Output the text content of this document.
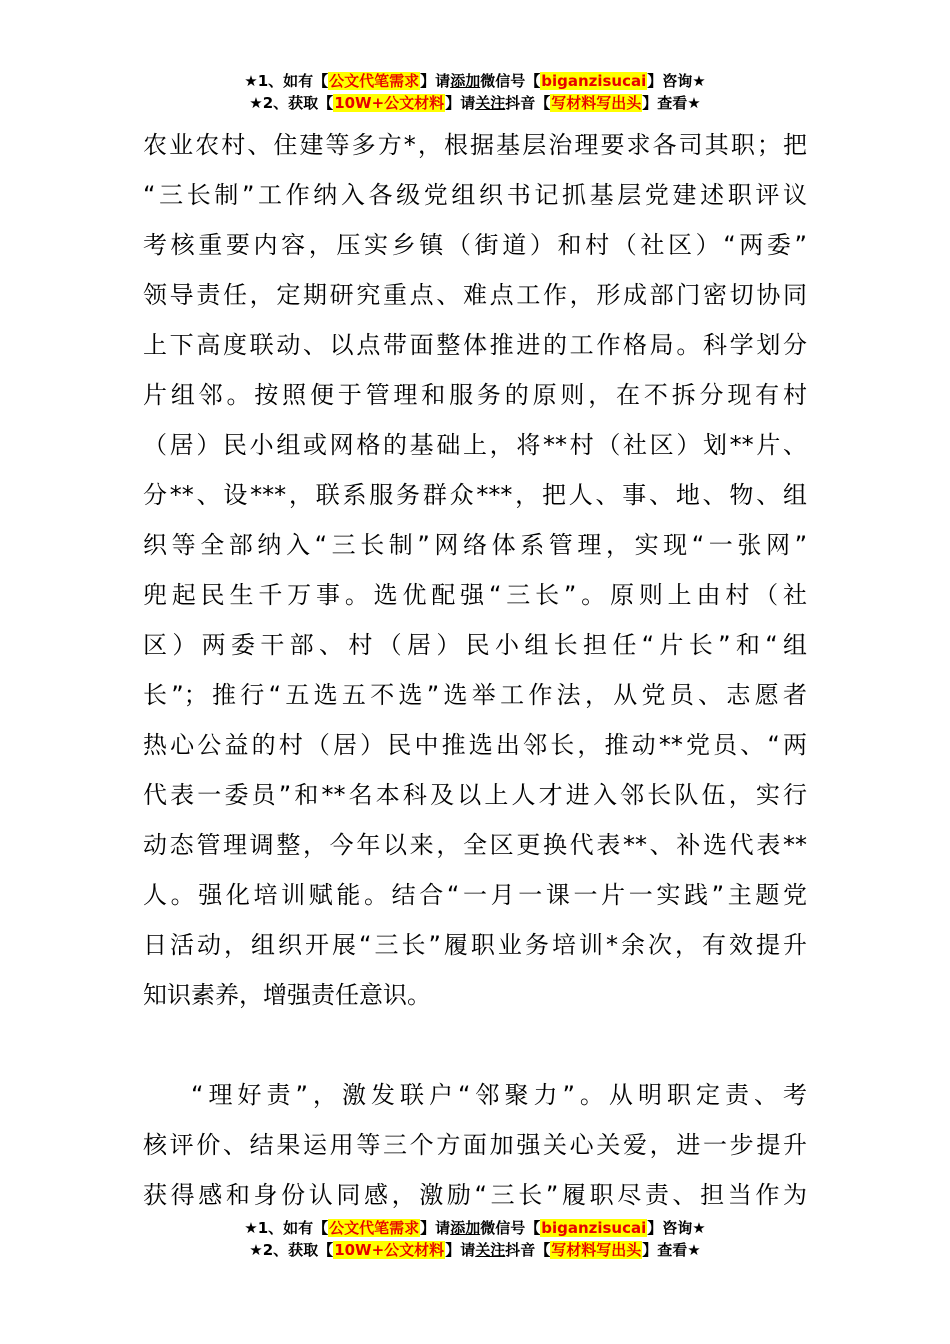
★1、如有【公文代笔需求】请添加微信号【biganzisucai】咨询★
★2、获取【10W+公文材料】请关注抖音【写材料写出头】查看★
农业农村、住建等多方*，根据基层治理要求各司其职；把
“三长制”工作纳入各级党组织书记抓基层党建述职评议
考核重要内容，压实乡镇（街道）和村（社区）“两委”
领导责任，定期研究重点、难点工作，形成部门密切协同
上下高度联动、以点带面整体推进的工作格局。科学划分
片组邻。按照便于管理和服务的原则，在不拆分现有村
（居）民小组或网格的基础上，将**村（社区）划**片、
分**、设***，联系服务群众***，把人、事、地、物、组
织等全部纳入“三长制”网络体系管理，实现“一张网”
兜起民生千万事。选优配强“三长”。原则上由村（社
区）两委干部、村（居）民小组长担任“片长”和“组
长”；推行“五选五不选”选举工作法，从党员、志愿者
热心公益的村（居）民中推选出邻长，推动**党员、“两
代表一委员”和**名本科及以上人才进入邻长队伍，实行
动态管理调整，今年以来，全区更换代表**、补选代表**
人。强化培训赋能。结合“一月一课一片一实践”主题党
日活动，组织开展“三长”履职业务培训*余次，有效提升
知识素养，增强责任意识。
“理好责”，激发联户“邻聚力”。从明职定责、考
核评价、结果运用等三个方面加强关心关爱，进一步提升
获得感和身份认同感，激励“三长”履职尽责、担当作为
★1、如有【公文代笔需求】请添加微信号【biganzisucai】咨询★
★2、获取【10W+公文材料】请关注抖音【写材料写出头】查看★
